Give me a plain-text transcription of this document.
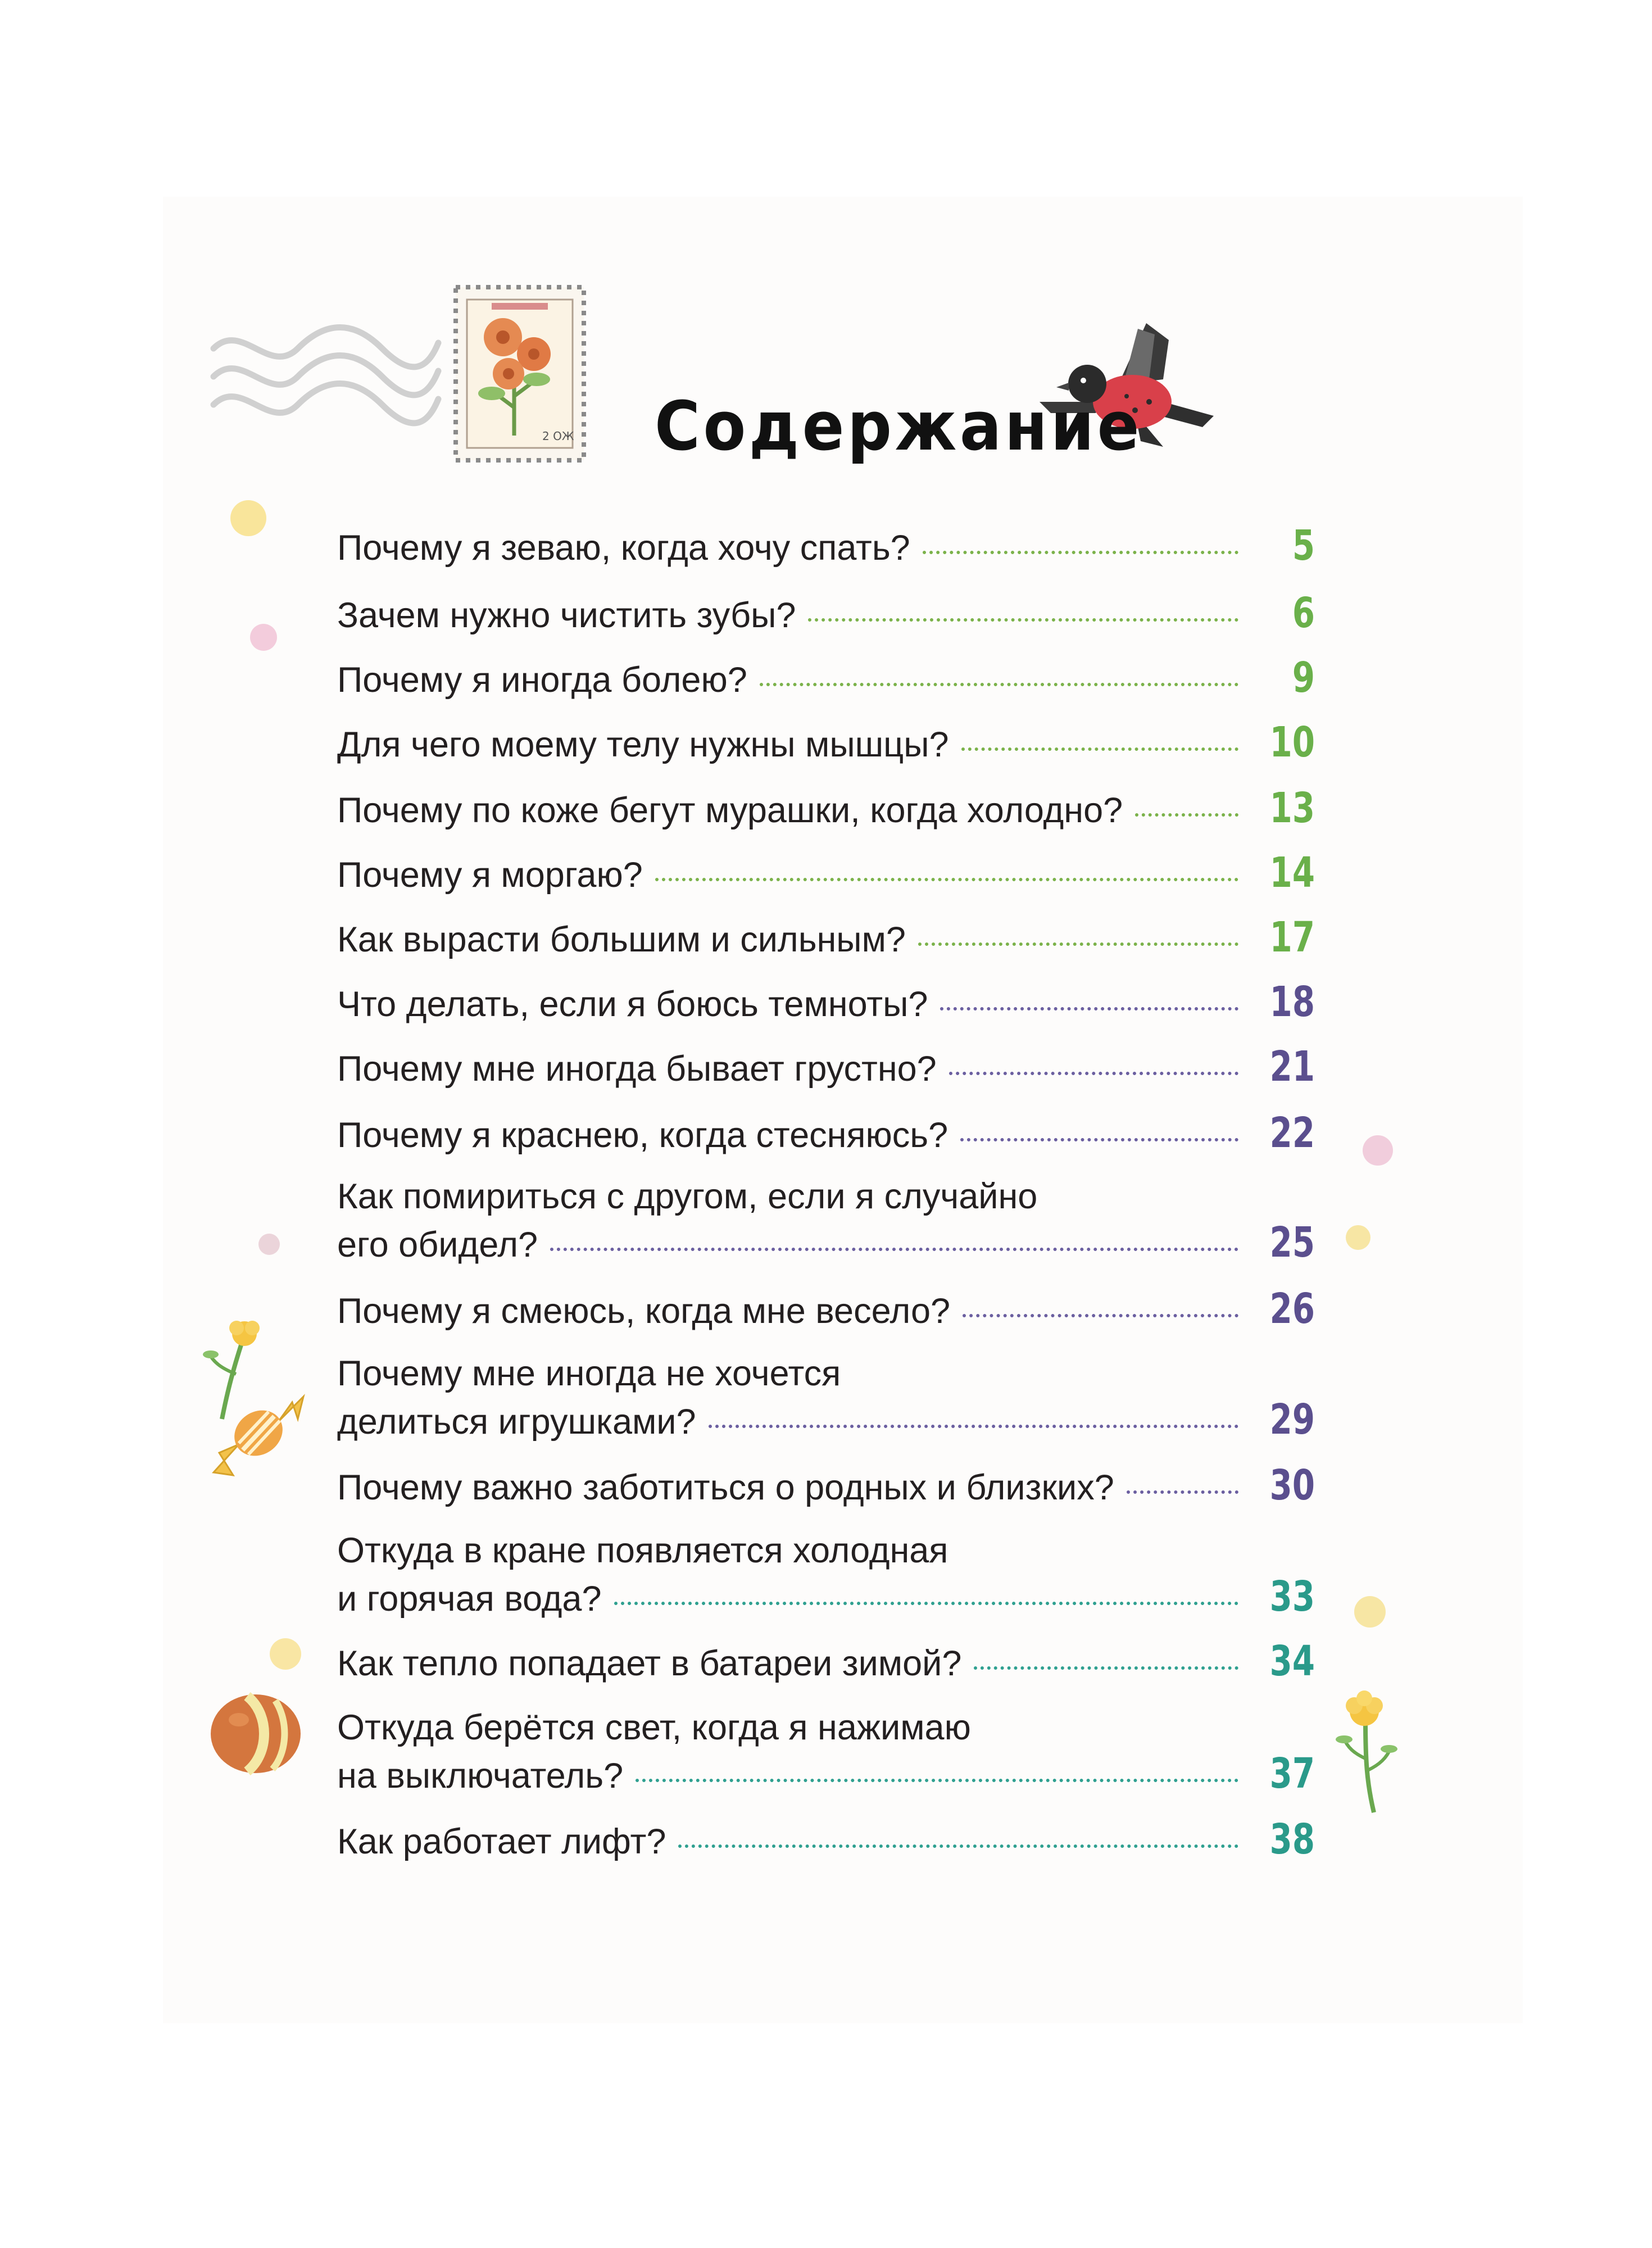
2 ОЖ Содержание
Почему я зеваю, когда хочу спать?	5
Зачем нужно чистить зубы?	6
Почему я иногда болею?	9
Для чего моему телу нужны мышцы?	10
Почему по коже бегут мурашки, когда холодно?	13
Почему я моргаю?	14
Как вырасти большим и сильным?	17
Что делать, если я боюсь темноты?	18
Почему мне иногда бывает грустно?	21
Почему я краснею, когда стесняюсь?	22
Как помириться с другом, если я случайно
его обидел?	25
Почему я смеюсь, когда мне весело?	26
Почему мне иногда не хочется
делиться игрушками?	29
Почему важно заботиться о родных и близких?	30
Откуда в кране появляется холодная
и горячая вода?	33
Как тепло попадает в батареи зимой?	34
Откуда берётся свет, когда я нажимаю
на выключатель?	37
Как работает лифт?	38
